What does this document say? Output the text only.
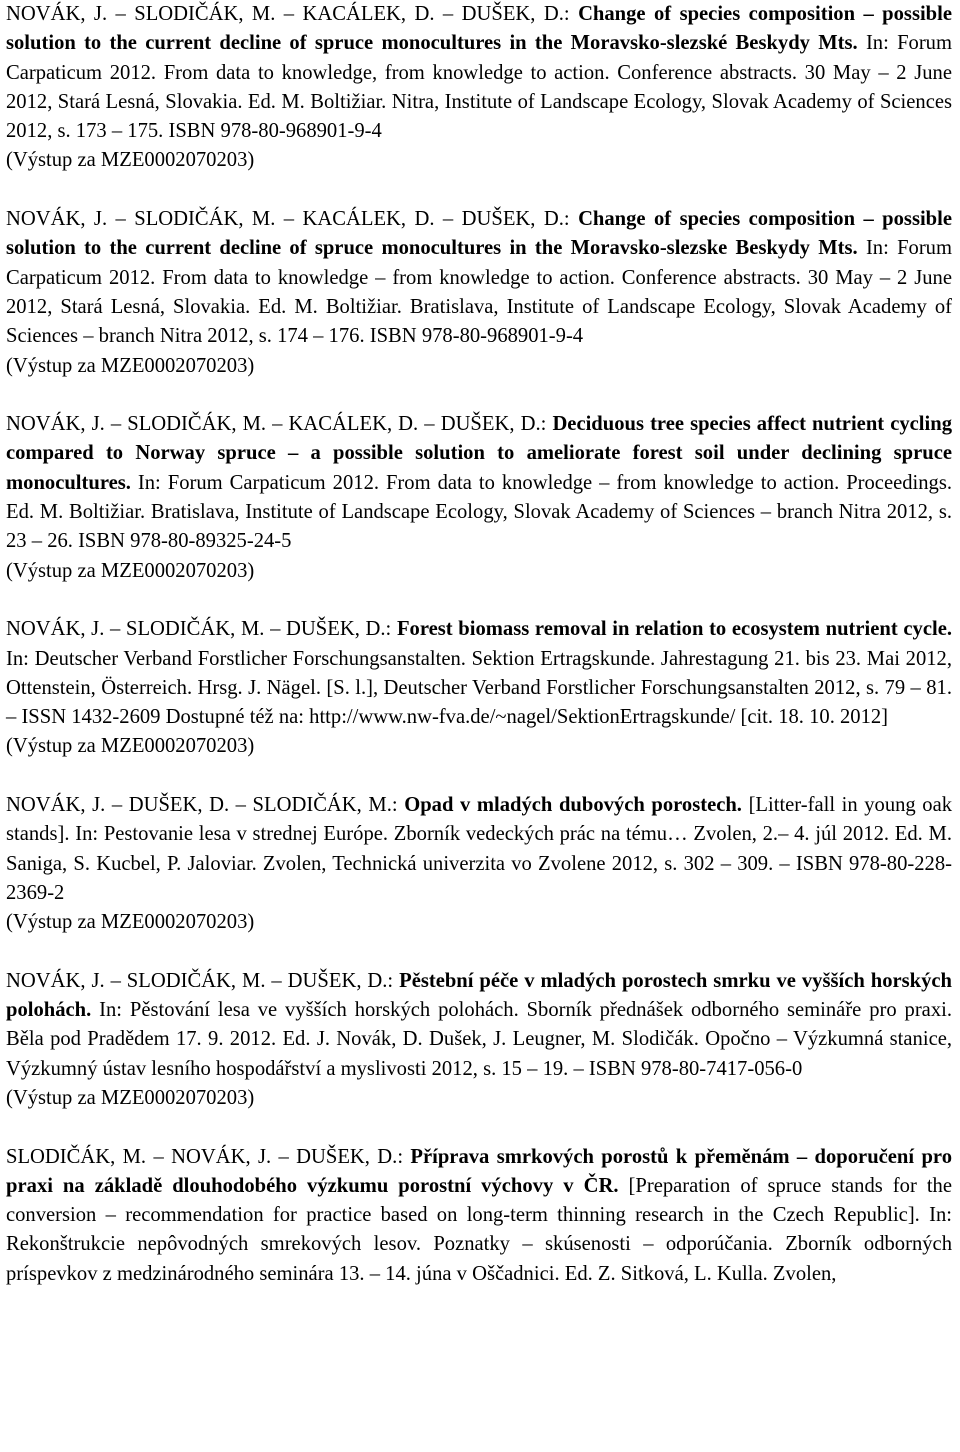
NOVÁK, J. – SLODIČÁK, M. – KACÁLEK, D. – DUŠEK, D.: Change of species composition – possible solution to the current decline of spruce monocultures in the Moravsko-slezské Beskydy Mts. In: Forum Carpaticum 2012. From data to knowledge, from knowledge to action. Conference abstracts. 30 May – 2 June 2012, Stará Lesná, Slovakia. Ed. M. Boltižiar. Nitra, Institute of Landscape Ecology, Slovak Academy of Sciences 2012, s. 173 – 175. ISBN 978-80-968901-9-4
(Výstup za MZE0002070203)

NOVÁK, J. – SLODIČÁK, M. – KACÁLEK, D. – DUŠEK, D.: Change of species composition – possible solution to the current decline of spruce monocultures in the Moravsko-slezske Beskydy Mts. In: Forum Carpaticum 2012. From data to knowledge – from knowledge to action. Conference abstracts. 30 May – 2 June 2012, Stará Lesná, Slovakia. Ed. M. Boltižiar. Bratislava, Institute of Landscape Ecology, Slovak Academy of Sciences – branch Nitra 2012, s. 174 – 176. ISBN 978-80-968901-9-4
(Výstup za MZE0002070203)

NOVÁK, J. – SLODIČÁK, M. – KACÁLEK, D. – DUŠEK, D.: Deciduous tree species affect nutrient cycling compared to Norway spruce – a possible solution to ameliorate forest soil under declining spruce monocultures. In: Forum Carpaticum 2012. From data to knowledge – from knowledge to action. Proceedings. Ed. M. Boltižiar. Bratislava, Institute of Landscape Ecology, Slovak Academy of Sciences – branch Nitra 2012, s. 23 – 26. ISBN 978-80-89325-24-5
(Výstup za MZE0002070203)

NOVÁK, J. – SLODIČÁK, M. – DUŠEK, D.: Forest biomass removal in relation to ecosystem nutrient cycle. In: Deutscher Verband Forstlicher Forschungsanstalten. Sektion Ertragskunde. Jahrestagung 21. bis 23. Mai 2012, Ottenstein, Österreich. Hrsg. J. Nägel. [S. l.], Deutscher Verband Forstlicher Forschungsanstalten 2012, s. 79 – 81. – ISSN 1432-2609 Dostupné též na: http://www.nw-fva.de/~nagel/SektionErtragskunde/ [cit. 18. 10. 2012]
(Výstup za MZE0002070203)

NOVÁK, J. – DUŠEK, D. – SLODIČÁK, M.: Opad v mladých dubových porostech. [Litter-fall in young oak stands]. In: Pestovanie lesa v strednej Európe. Zborník vedeckých prác na tému… Zvolen, 2.– 4. júl 2012. Ed. M. Saniga, S. Kucbel, P. Jaloviar. Zvolen, Technická univerzita vo Zvolene 2012, s. 302 – 309. – ISBN 978-80-228-2369-2
(Výstup za MZE0002070203)

NOVÁK, J. – SLODIČÁK, M. – DUŠEK, D.: Pěstební péče v mladých porostech smrku ve vyšších horských polohách. In: Pěstování lesa ve vyšších horských polohách. Sborník přednášek odborného semináře pro praxi. Běla pod Pradědem 17. 9. 2012. Ed. J. Novák, D. Dušek, J. Leugner, M. Slodičák. Opočno – Výzkumná stanice, Výzkumný ústav lesního hospodářství a myslivosti 2012, s. 15 – 19. – ISBN 978-80-7417-056-0
(Výstup za MZE0002070203)

SLODIČÁK, M. – NOVÁK, J. – DUŠEK, D.: Příprava smrkových porostů k přeměnám – doporučení pro praxi na základě dlouhodobého výzkumu porostní výchovy v ČR. [Preparation of spruce stands for the conversion – recommendation for practice based on long-term thinning research in the Czech Republic]. In: Rekonštrukcie nepôvodných smrekových lesov. Poznatky – skúsenosti – odporúčania. Zborník odborných príspevkov z medzinárodného seminára 13. – 14. júna v Oščadnici. Ed. Z. Sitková, L. Kulla. Zvolen,
